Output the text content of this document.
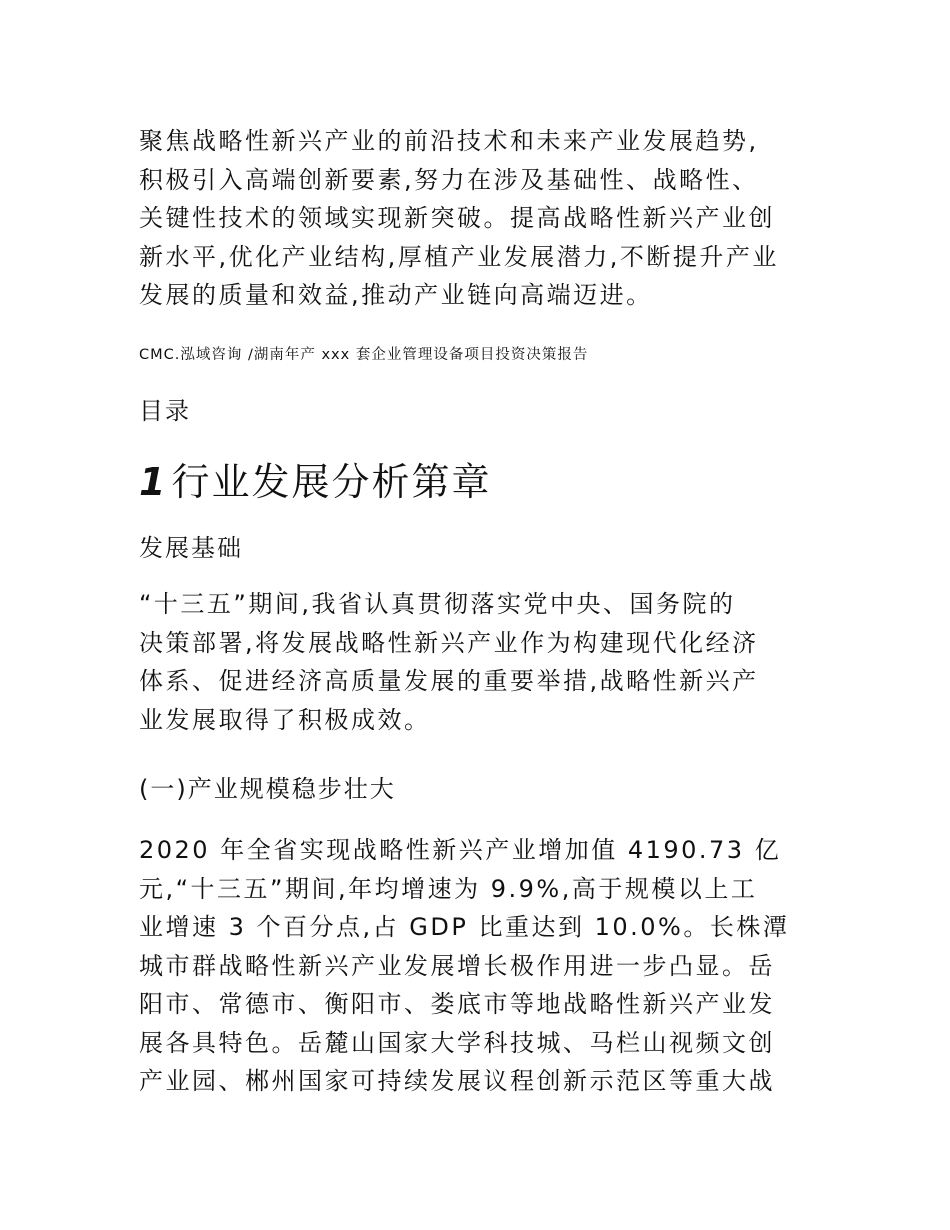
聚焦战略性新兴产业的前沿技术和未来产业发展趋势,
积极引入高端创新要素,努力在涉及基础性、战略性、
关键性技术的领域实现新突破。提高战略性新兴产业创
新水平,优化产业结构,厚植产业发展潜力,不断提升产业
发展的质量和效益,推动产业链向高端迈进。

CMC.泓域咨询 /湖南年产 xxx 套企业管理设备项目投资决策报告

目录
1 行业发展分析第章
发展基础

“十三五”期间,我省认真贯彻落实党中央、国务院的
决策部署,将发展战略性新兴产业作为构建现代化经济
体系、促进经济高质量发展的重要举措,战略性新兴产
业发展取得了积极成效。

(一)产业规模稳步壮大

2020 年全省实现战略性新兴产业增加值 4190.73 亿
元,“十三五”期间,年均增速为 9.9%,高于规模以上工
业增速 3 个百分点,占 GDP 比重达到 10.0%。长株潭
城市群战略性新兴产业发展增长极作用进一步凸显。岳
阳市、常德市、衡阳市、娄底市等地战略性新兴产业发
展各具特色。岳麓山国家大学科技城、马栏山视频文创
产业园、郴州国家可持续发展议程创新示范区等重大战
